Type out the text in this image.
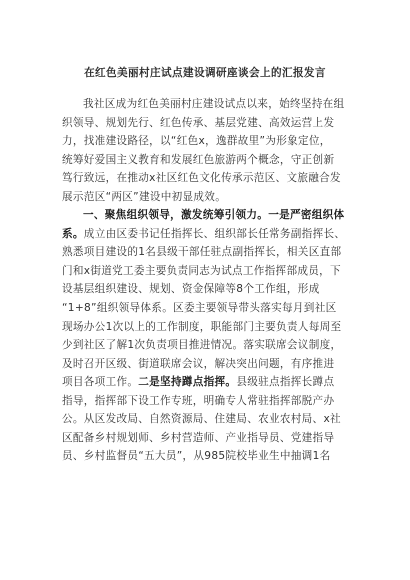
在红色美丽村庄试点建设调研座谈会上的汇报发言
我社区成为红色美丽村庄建设试点以来，始终坚持在组
织领导、规划先行、红色传承、基层党建、高效运营上发
力，找准建设路径，以“红色x，逸群故里”为形象定位，
统筹好爱国主义教育和发展红色旅游两个概念，守正创新
笃行致远，在推动x社区红色文化传承示范区、文旅融合发
展示范区“两区”建设中初显成效。
一、聚焦组织领导，激发统筹引领力。一是严密组织体
系。成立由区委书记任指挥长、组织部长任常务副指挥长、
熟悉项目建设的1名县级干部任驻点副指挥长，相关区直部
门和x街道党工委主要负责同志为试点工作指挥部成员，下
设基层组织建设、规划、资金保障等8个工作组，形成
“1+8”组织领导体系。区委主要领导带头落实每月到社区
现场办公1次以上的工作制度，职能部门主要负责人每周至
少到社区了解1次负责项目推进情况。落实联席会议制度，
及时召开区级、街道联席会议，解决突出问题，有序推进
项目各项工作。二是坚持蹲点指挥。县级驻点指挥长蹲点
指导，指挥部下设工作专班，明确专人常驻指挥部脱产办
公。从区发改局、自然资源局、住建局、农业农村局、x社
区配备乡村规划师、乡村营造师、产业指导员、党建指导
员、乡村监督员“五大员”，从985院校毕业生中抽调1名
